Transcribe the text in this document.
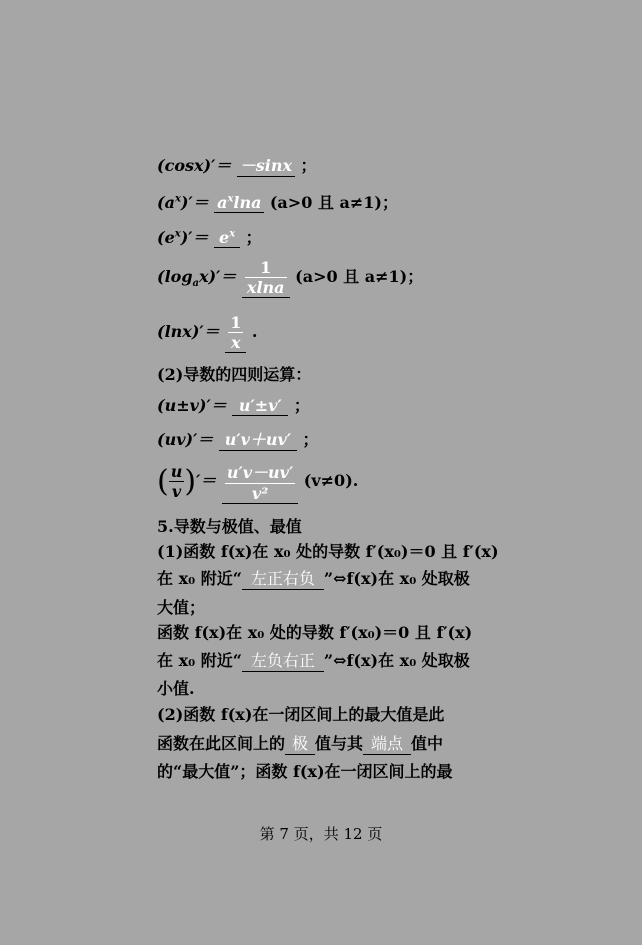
(cosx)′＝ －sinx ；
$(a^x)'= a^x\ln a$ (a>0 且 a≠1)；
$(e^x)'= e^x$ ；
$(\log_ax)'= \frac{1}{xlna} (a>0$ 且 a≠1)；
$(\ln x)'= \frac{1}{x}$ .
(2)导数的四则运算：
(u±v)′＝ u′±v′ ；
(uv)′＝ u′v＋uv′ ；
( $\frac{u}{v}$ )′＝ $\frac{u'v-uv'}{\text{v²}} (v\ne 0)$.
5.导数与极值、最值
(1)函数 f(x)在 x₀ 处的导数 f′(x₀)＝0 且 f′(x)
在 x₀ 附近“ 左正右负 ”⇔f(x)在 x₀ 处取极
大值；
函数 f(x)在 x₀ 处的导数 f′(x₀)＝0 且 f′(x)
在 x₀ 附近“ 左负右正 ”⇔f(x)在 x₀ 处取极
小值.
(2)函数 f(x)在一闭区间上的最大值是此
函数在此区间上的 极 值与其 端点 值中
的“最大值”；函数 f(x)在一闭区间上的最
第 7 页，共 12 页
